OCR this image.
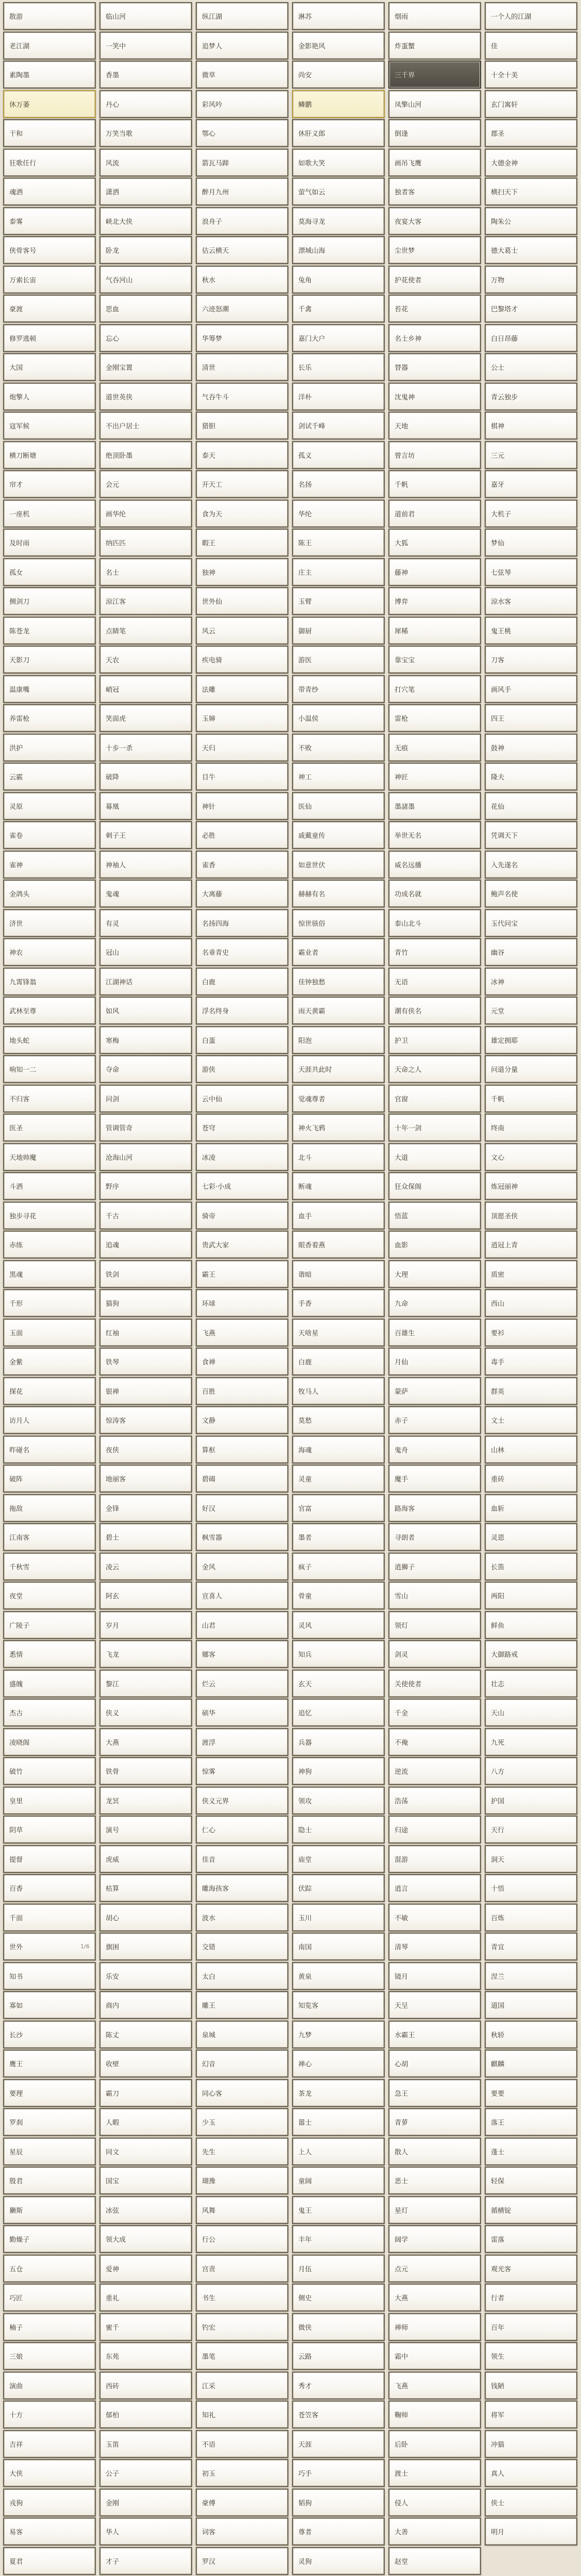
散游	临山河	纵江湖	淋苏	烟雨	一个人的江湖
老江湖	一笑中	追梦人	金影艳风	炸蛋蟹	佳
素陶墨	香墨	微草	尚安	三千界	十全十美
休万萎	丹心	彩风吟	鳞鹏	凤擎山河	玄门寓轩
干和	万笑当歌	鄂心	休肝义郎	倒逢	郡圣
狂歌任行	风流	箭瓦马蹄	如歌大笑	画吊飞鹰	大德金神
魂酒	潇洒	醉月九州	萤气如云	独者客	横扫天下
泰雾	峡北大侠	浪舟子	莫海寻龙	夜宴大客	陶朱公
侠骨客号	卧龙	估云横天	漂城山海	尘世梦	德大葛士
万索长宙	气吞河山	秋水	兔角	护花使者	万物
豪渡	思血	六迹怒潮	千禽	苔花	巴黎塔才
修罗逃顿	忘心	华筹梦	嘉门大户	名士乡神	白日昂藤
大国	金刚宝置	清世	长乐	替器	公士
炮擎人	道世英侠	气吞牛斗	洋朴	沈鬼神	青云独步
寇军候	不出户居士	猎胆	剑试千峰	天地	棋神
横刀断塘	绝顶卧墨	泰天	孤义	曾言坊	三元
帘才	会元	开天工	名扬	千帆	嘉牙
一座机	画华纶	食为天	华纶	道前君	大机子
及时雨	纳匹匹	暇王	陈王	大狐	梦仙
孤女	名士	独神	庄主	藤神	七弦琴
侧剑刀	涼江客	世外仙	玉臂	博弈	涼水客
陈苍龙	点睛笔	风云	御厨	犀稀	鬼王桃
天影刀	天农	疾电骑	游医	靠宝宝	刀客
温康嘴	峭冠	法雕	带青纱	打穴笔	画风手
养雷枪	笑面虎	玉婶	小温侯	雷枪	四王
洪护	十步一杀	天归	不败	无痕	鼓神
云霰	破降	目牛	神工	神匠	隆夫
灵原	幕凰	神针	医仙	墨諸墨	花仙
雀卷	刺子王	必胜	戚戴童传	举世无名	凭调天下
雀神	神袖人	雀香	如意世伏	威名远播	入先遂名
金鸽头	鬼魂	大离藤	赫赫有名	功成名就	鲍声名使
济世	有灵	名扬四海	惊世骇俗	泰山北斗	玉代问宝
神农	冠山	名垂青史	霸业者	青竹	幽谷
九霄锋翁	江湖神话	白鹿	佳钟独愁	无语	冰神
武林至尊	如风	浮名终身	雨天黄霸	潮有侠名	元堂
地头蛇	寒梅	白蛋	阳泡	护卫	雄定拥耶
响知一二	夺命	游侠	天涯共此时	天命之人	问道分量
不归客	问剑	云中仙	觉魂尊者	官窗	千帆
医圣	管调管奇	苍穹	神火飞鸦	十年一剑	终南
天地帅魔	沧海山河	冰凌	北斗	大道	文心
斗洒	野序	七彩·小成	断魂	狂众保阁	炼冠丽神
独步寻花	千古	骑帝	血手	悟蓝	顶愿圣侠
赤练	追魂	贵武大家	眼香着燕	血影	逍冠上青
黑魂	铁剑	霸王	谐暗	大理	质密
千形	猫狗	环球	手香	九命	西山
玉面	红袖	飞燕	天啥星	百雄生	要衫
金紫	铁琴	食禅	白鹿	月仙	毒手
探花	银禅	百胜	牧马人	蒙萨	群英
访月人	惊涛客	文静	莫愁	赤子	文士
昨碰名	夜侠	算枢	海魂	鬼舟	山林
破阵	地丽客	碧碣	灵童	魔手	重砖
拖敌	金锋	好汉	官富	路海客	血斩
江南客	碧士	枫雪器	墨者	寻朗者	灵恩
千秋雪	凌云	金风	疯子	逍狮子	长笛
夜堂	阿玄	宣喜人	骨童	雪山	两阳
广陵子	岁月	山君	灵风	领灯	鲜鱼
悉情	飞龙	娜客	知兵	剑灵	大御路戒
盛魄	黎江	烂云	玄天	关使使者	壮志
杰古	侠义	硕华	追忆	千金	天山
凌晓阁	大燕	渡浮	兵器	不俺	九死
破竹	铁骨	惊雾	神狗	逆流	八方
皇里	龙冥	侠义元界	领攻	浩荡	护国
阴草	演号	仁心	隐士	归途	天行
提督	虎威	佳音	庙堂	混游	洞天
百香	枯算	雕海孩客	伏踪	逍言	十悟
千面	胡心	波水	玉川	不敏	百炼
世外	1/6 旗困	交错	南国	清琴	青宜
知书	乐安	太白	黄泉	镜月	涅兰
寡如	商内	雕王	知览客	天呈	道国
长沙	陈丈	泉城	九梦	水霸王	秋轿
鹰王	收壁	幻音	禅心	心胡	麒麟
要理	霸刀	同心客	茶龙	急王	要要
罗刹	人暇	少玉	嚣士	青萝	落王
星辰	同文	先生	上人	散人	蓬士
殷君	国宝	瑚豫	童阔	恶士	轻保
獭斯	冰弦	风舞	鬼王	星灯	循横锭
勤燥子	领大成	行公	丰年	阔学	雷落
五仓	爱神	宫责	月伍	点元	观光客
巧匠	重礼	书生	侧史	大燕	行者
楠子	蜜千	钓宏	微侠	禅师	百年
三娘	东苑	墨笔	云路	霜中	领生
演曲	西砖	江采	秀才	飞燕	钱陋
十方	郁柏	知礼	苍笠客	鞠师	将军
吉祥	玉笛	不语	天涯	后卧	冲猫
大侠	公子	初玉	巧手	渡士	真人
戎狗	金刚	豪傅	韬狗	侵人	侠士
易客	华人	词客	尊者	大善	明月
夏君	才子	罗汉	灵狗	赵堂
